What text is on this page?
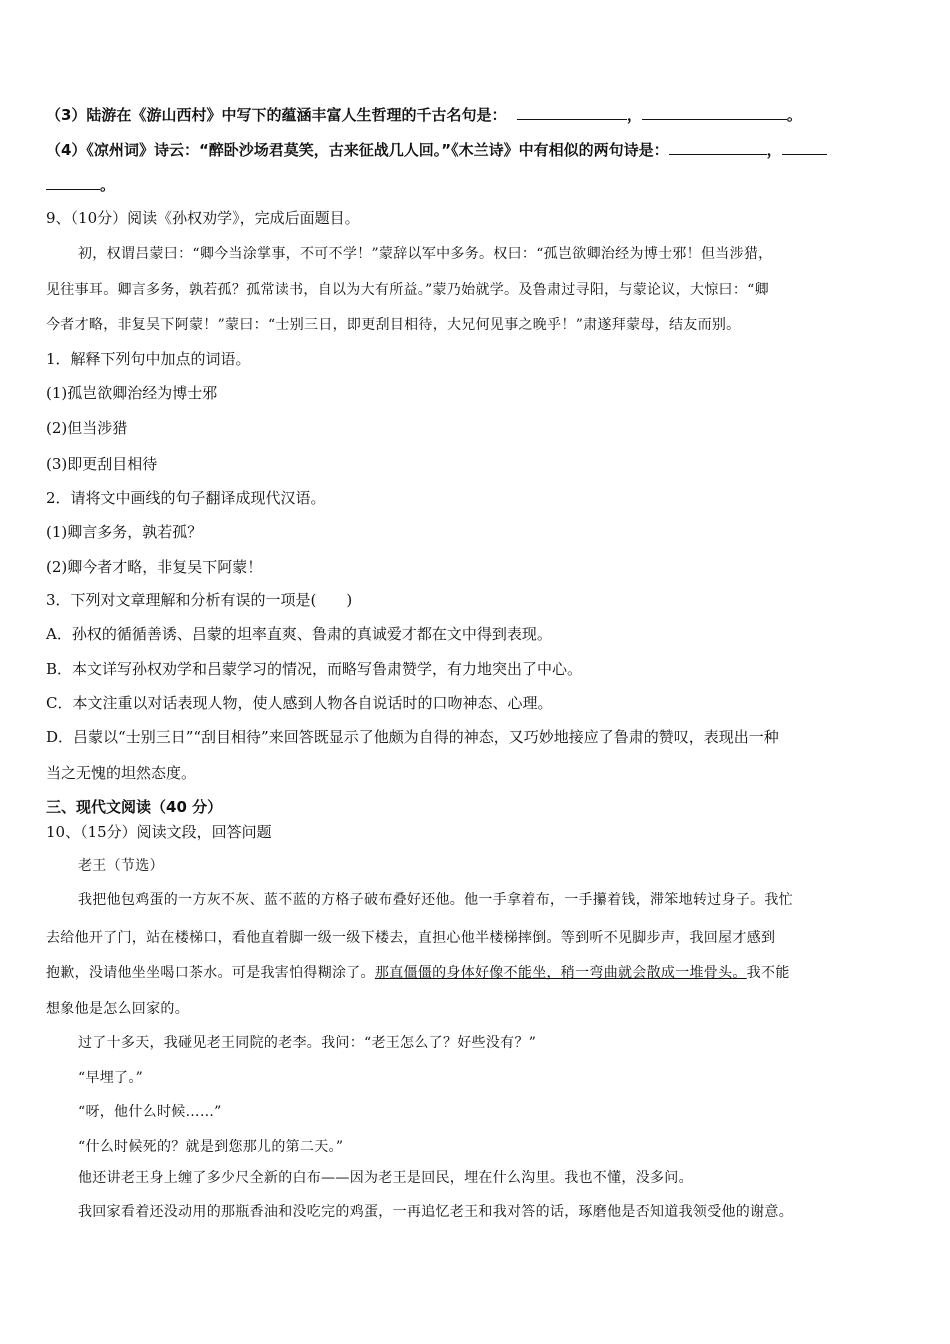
（3）陆游在《游山西村》中写下的蕴涵丰富人生哲理的千古名句是：	，	。
（4）《凉州词》诗云：“醉卧沙场君莫笑，古来征战几人回。”《木兰诗》中有相似的两句诗是：	，
。
9、（10分）阅读《孙权劝学》，完成后面题目。
初，权谓吕蒙曰：“卿今当涂掌事，不可不学！”蒙辞以军中多务。权曰：“孤岂欲卿治经为博士邪！但当涉猎，
见往事耳。卿言多务，孰若孤？孤常读书，自以为大有所益。”蒙乃始就学。及鲁肃过寻阳，与蒙论议，大惊曰：“卿
今者才略，非复吴下阿蒙！”蒙曰：“士别三日，即更刮目相待，大兄何见事之晚乎！”肃遂拜蒙母，结友而别。
1．解释下列句中加点的词语。
(1)孤岂欲卿治经为博士邪
(2)但当涉猎
(3)即更刮目相待
2．请将文中画线的句子翻译成现代汉语。
(1)卿言多务，孰若孤？
(2)卿今者才略，非复吴下阿蒙！
3．下列对文章理解和分析有误的一项是(　　)
A．孙权的循循善诱、吕蒙的坦率直爽、鲁肃的真诚爱才都在文中得到表现。
B．本文详写孙权劝学和吕蒙学习的情况，而略写鲁肃赞学，有力地突出了中心。
C．本文注重以对话表现人物，使人感到人物各自说话时的口吻神态、心理。
D．吕蒙以“士别三日”“刮目相待”来回答既显示了他颇为自得的神态，又巧妙地接应了鲁肃的赞叹，表现出一种
当之无愧的坦然态度。
三、现代文阅读（40 分）
10、（15分）阅读文段，回答问题
老王（节选）
我把他包鸡蛋的一方灰不灰、蓝不蓝的方格子破布叠好还他。他一手拿着布，一手攥着钱，滞笨地转过身子。我忙
去给他开了门，站在楼梯口，看他直着脚一级一级下楼去，直担心他半楼梯摔倒。等到听不见脚步声，我回屋才感到
抱歉，没请他坐坐喝口茶水。可是我害怕得糊涂了。那直僵僵的身体好像不能坐，稍一弯曲就会散成一堆骨头。我不能
想象他是怎么回家的。
过了十多天，我碰见老王同院的老李。我问：“老王怎么了？好些没有？”
“早埋了。”
“呀，他什么时候……”
“什么时候死的？就是到您那儿的第二天。”
他还讲老王身上缠了多少尺全新的白布——因为老王是回民，埋在什么沟里。我也不懂，没多问。
我回家看着还没动用的那瓶香油和没吃完的鸡蛋，一再追忆老王和我对答的话，琢磨他是否知道我领受他的谢意。
